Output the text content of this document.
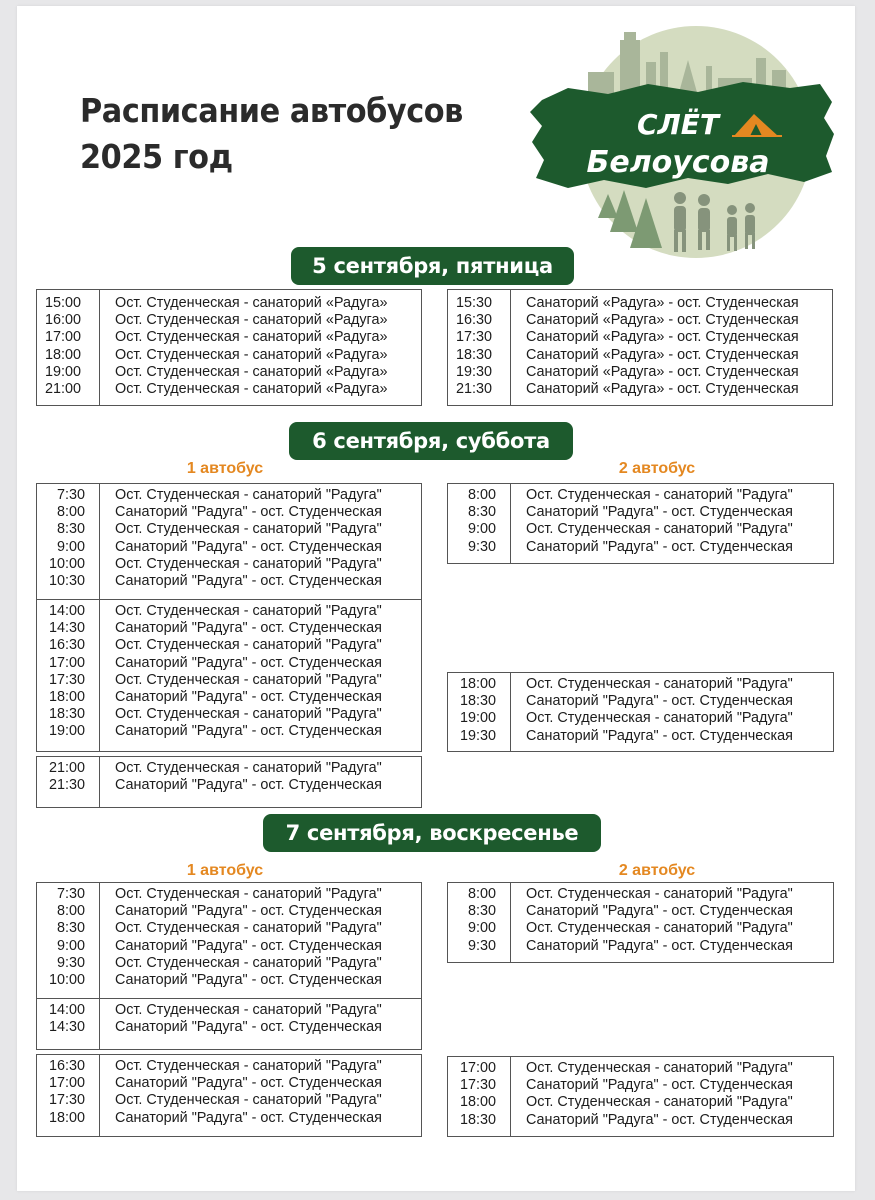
Расписание автобусов
2025 год
СЛЁТ
Белоусова
5 сентября, пятница
6 сентября, суббота
7 сентября, воскресенье
1 автобус	2 автобус
1 автобус	2 автобус
15:00	Ост. Студенческая - санаторий «Радуга»
16:00	Ост. Студенческая - санаторий «Радуга»
17:00	Ост. Студенческая - санаторий «Радуга»
18:00	Ост. Студенческая - санаторий «Радуга»
19:00	Ост. Студенческая - санаторий «Радуга»
21:00	Ост. Студенческая - санаторий «Радуга»
15:30	Санаторий «Радуга» - ост. Студенческая
16:30	Санаторий «Радуга» - ост. Студенческая
17:30	Санаторий «Радуга» - ост. Студенческая
18:30	Санаторий «Радуга» - ост. Студенческая
19:30	Санаторий «Радуга» - ост. Студенческая
21:30	Санаторий «Радуга» - ост. Студенческая
7:30	Ост. Студенческая - санаторий "Радуга"
8:00	Санаторий "Радуга" - ост. Студенческая
8:30	Ост. Студенческая - санаторий "Радуга"
9:00	Санаторий "Радуга" - ост. Студенческая
10:00	Ост. Студенческая - санаторий "Радуга"
10:30	Санаторий "Радуга" - ост. Студенческая
14:00	Ост. Студенческая - санаторий "Радуга"
14:30	Санаторий "Радуга" - ост. Студенческая
16:30	Ост. Студенческая - санаторий "Радуга"
17:00	Санаторий "Радуга" - ост. Студенческая
17:30	Ост. Студенческая - санаторий "Радуга"
18:00	Санаторий "Радуга" - ост. Студенческая
18:30	Ост. Студенческая - санаторий "Радуга"
19:00	Санаторий "Радуга" - ост. Студенческая
21:00	Ост. Студенческая - санаторий "Радуга"
21:30	Санаторий "Радуга" - ост. Студенческая
8:00	Ост. Студенческая - санаторий "Радуга"
8:30	Санаторий "Радуга" - ост. Студенческая
9:00	Ост. Студенческая - санаторий "Радуга"
9:30	Санаторий "Радуга" - ост. Студенческая
18:00	Ост. Студенческая - санаторий "Радуга"
18:30	Санаторий "Радуга" - ост. Студенческая
19:00	Ост. Студенческая - санаторий "Радуга"
19:30	Санаторий "Радуга" - ост. Студенческая
7:30	Ост. Студенческая - санаторий "Радуга"
8:00	Санаторий "Радуга" - ост. Студенческая
8:30	Ост. Студенческая - санаторий "Радуга"
9:00	Санаторий "Радуга" - ост. Студенческая
9:30	Ост. Студенческая - санаторий "Радуга"
10:00	Санаторий "Радуга" - ост. Студенческая
14:00	Ост. Студенческая - санаторий "Радуга"
14:30	Санаторий "Радуга" - ост. Студенческая
16:30	Ост. Студенческая - санаторий "Радуга"
17:00	Санаторий "Радуга" - ост. Студенческая
17:30	Ост. Студенческая - санаторий "Радуга"
18:00	Санаторий "Радуга" - ост. Студенческая
8:00	Ост. Студенческая - санаторий "Радуга"
8:30	Санаторий "Радуга" - ост. Студенческая
9:00	Ост. Студенческая - санаторий "Радуга"
9:30	Санаторий "Радуга" - ост. Студенческая
17:00	Ост. Студенческая - санаторий "Радуга"
17:30	Санаторий "Радуга" - ост. Студенческая
18:00	Ост. Студенческая - санаторий "Радуга"
18:30	Санаторий "Радуга" - ост. Студенческая
